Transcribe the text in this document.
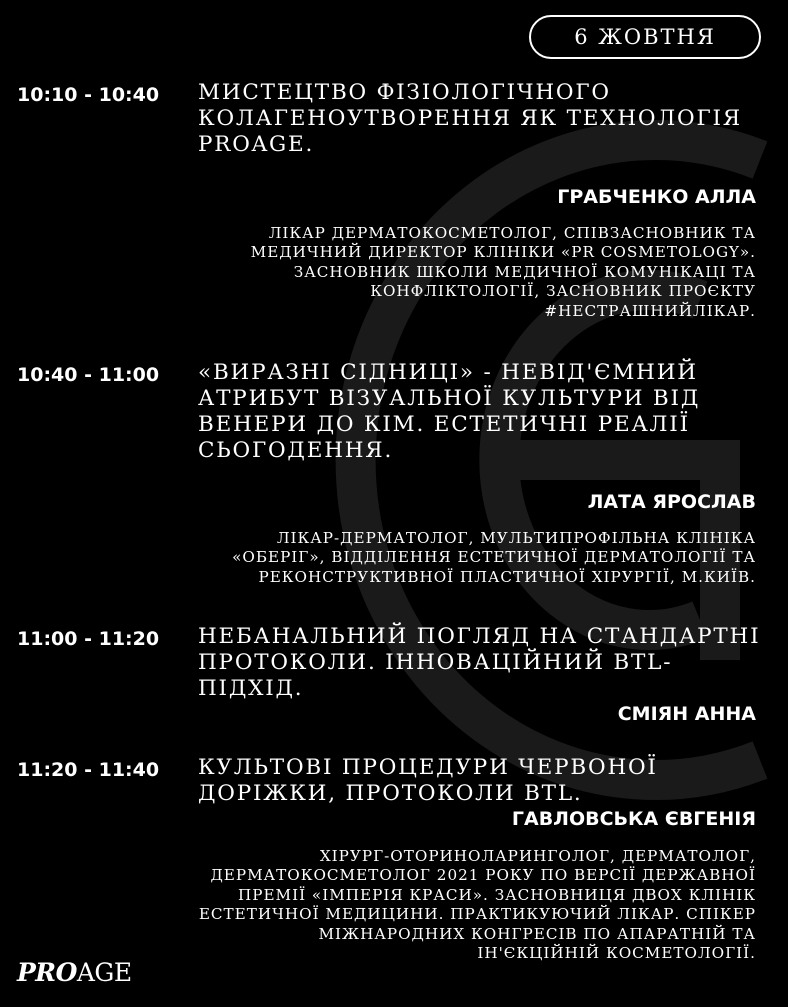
6 ЖОВТНЯ
10:10 - 10:40 МИСТЕЦТВО ФІЗІОЛОГІЧНОГО КОЛАГЕНОУТВОРЕННЯ ЯК ТЕХНОЛОГІЯ PROAGE.
ГРАБЧЕНКО АЛЛА
ЛІКАР ДЕРМАТОКОСМЕТОЛОГ, СПІВЗАСНОВНИК ТА МЕДИЧНИЙ ДИРЕКТОР КЛІНІКИ «PR COSMETOLOGY». ЗАСНОВНИК ШКОЛИ МЕДИЧНОЇ КОМУНІКАЦІ ТА КОНФЛІКТОЛОГІЇ, ЗАСНОВНИК ПРОЄКТУ #НЕСТРАШНИЙЛІКАР.
10:40 - 11:00 «ВИРАЗНІ СІДНИЦІ» - НЕВІД'ЄМНИЙ АТРИБУТ ВІЗУАЛЬНОЇ КУЛЬТУРИ ВІД ВЕНЕРИ ДО КІМ. ЕСТЕТИЧНІ РЕАЛІЇ СЬОГОДЕННЯ.
ЛАТА ЯРОСЛАВ
ЛІКАР-ДЕРМАТОЛОГ, МУЛЬТИПРОФІЛЬНА КЛІНІКА «ОБЕРІГ», ВІДДІЛЕННЯ ЕСТЕТИЧНОЇ ДЕРМАТОЛОГІЇ ТА РЕКОНСТРУКТИВНОЇ ПЛАСТИЧНОЇ ХІРУРГІЇ, М.КИЇВ.
11:00 - 11:20 НЕБАНАЛЬНИЙ ПОГЛЯД НА СТАНДАРТНІ ПРОТОКОЛИ. ІННОВАЦІЙНИЙ BTL-ПІДХІД.
СМІЯН АННА
11:20 - 11:40 КУЛЬТОВІ ПРОЦЕДУРИ ЧЕРВОНОЇ ДОРІЖКИ, ПРОТОКОЛИ BTL.
ГАВЛОВСЬКА ЄВГЕНІЯ
ХІРУРГ-ОТОРИНОЛАРИНГОЛОГ, ДЕРМАТОЛОГ, ДЕРМАТОКОСМЕТОЛОГ 2021 РОКУ ПО ВЕРСІЇ ДЕРЖАВНОЇ ПРЕМІЇ «ІМПЕРІЯ КРАСИ». ЗАСНОВНИЦЯ ДВОХ КЛІНІК ЕСТЕТИЧНОЇ МЕДИЦИНИ. ПРАКТИКУЮЧИЙ ЛІКАР. СПІКЕР МІЖНАРОДНИХ КОНГРЕСІВ ПО АПАРАТНІЙ ТА ІН'ЄКЦІЙНІЙ КОСМЕТОЛОГІЇ.
PROAGE
